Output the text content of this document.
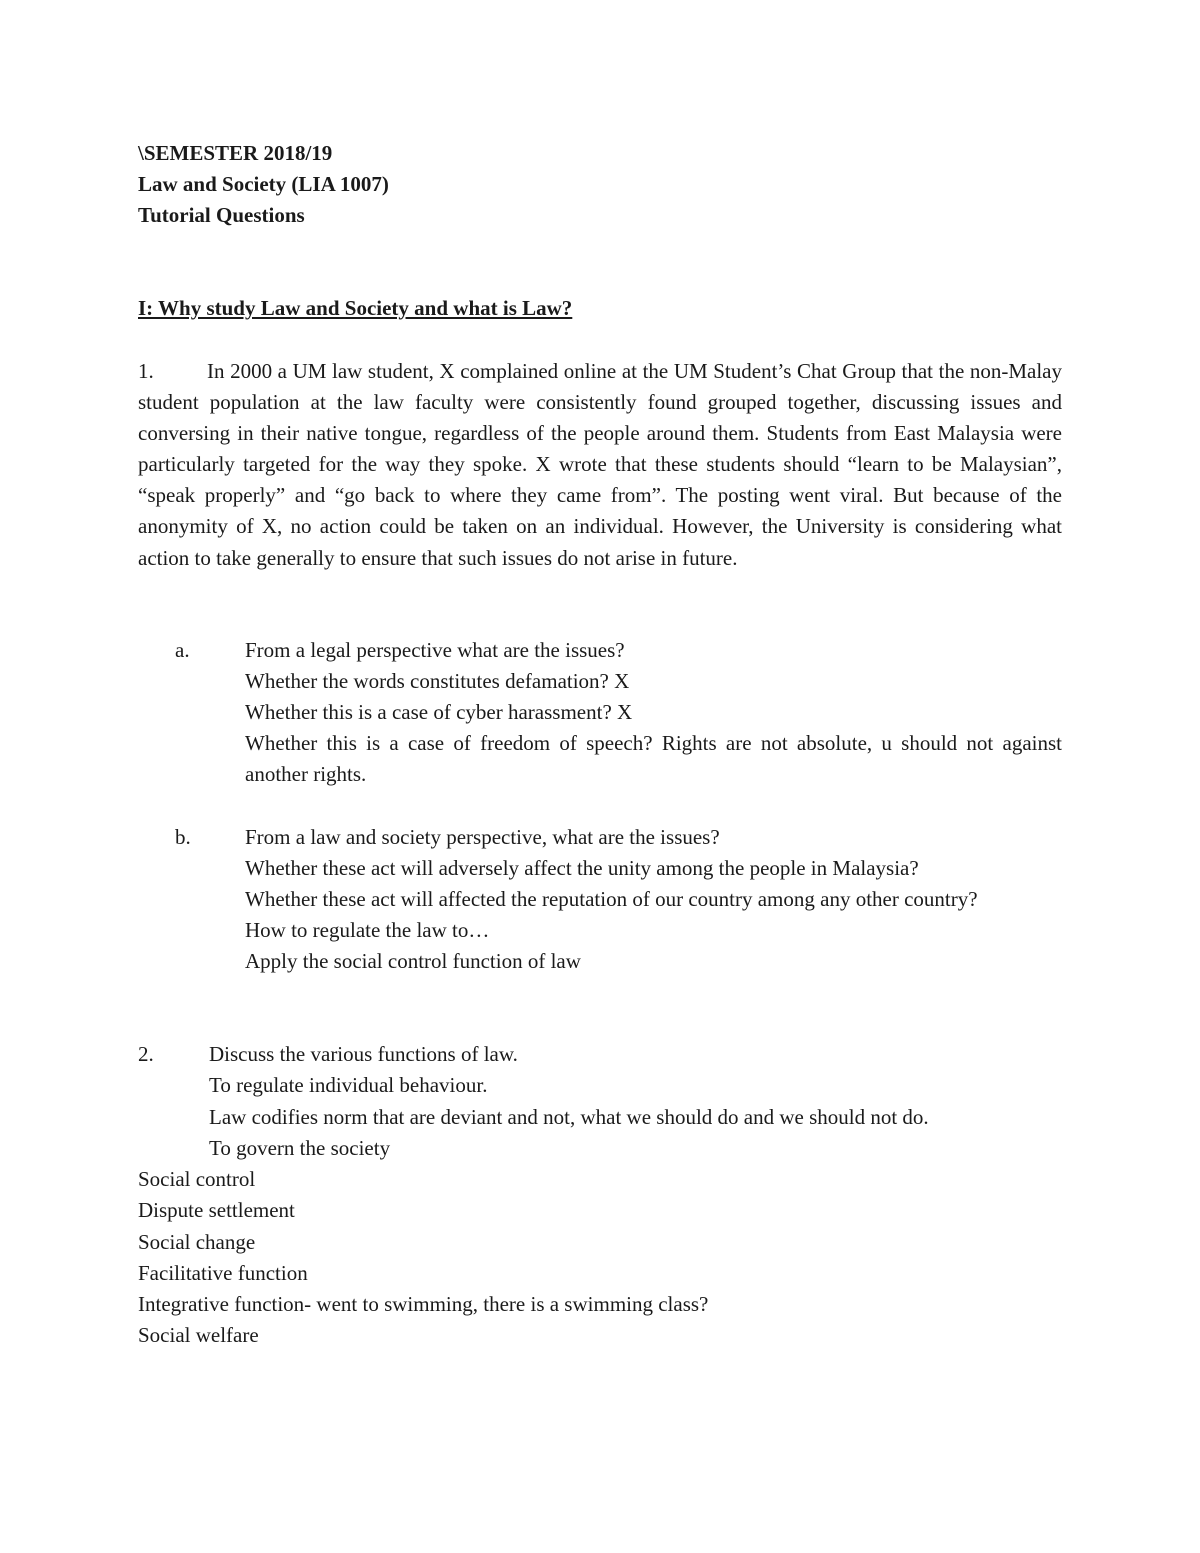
\SEMESTER 2018/19
Law and Society (LIA 1007)
Tutorial Questions
I: Why study Law and Society and what is Law?
1.	In 2000 a UM law student, X complained online at the UM Student’s Chat Group that the non-Malay student population at the law faculty were consistently found grouped together, discussing issues and conversing in their native tongue, regardless of the people around them. Students from East Malaysia were particularly targeted for the way they spoke. X wrote that these students should “learn to be Malaysian”, “speak properly” and “go back to where they came from”. The posting went viral. But because of the anonymity of X, no action could be taken on an individual. However, the University is considering what action to take generally to ensure that such issues do not arise in future.

a.	From a legal perspective what are the issues?
Whether the words constitutes defamation? X
Whether this is a case of cyber harassment? X
Whether this is a case of freedom of speech? Rights are not absolute, u should not against another rights.
b.	From a law and society perspective, what are the issues?
Whether these act will adversely affect the unity among the people in Malaysia?
Whether these act will affected the reputation of our country among any other country?
How to regulate the law to…
Apply the social control function of law
2.	Discuss the various functions of law.
To regulate individual behaviour.
Law codifies norm that are deviant and not, what we should do and we should not do.
To govern the society
Social control
Dispute settlement
Social change
Facilitative function
Integrative function- went to swimming, there is a swimming class?
Social welfare
